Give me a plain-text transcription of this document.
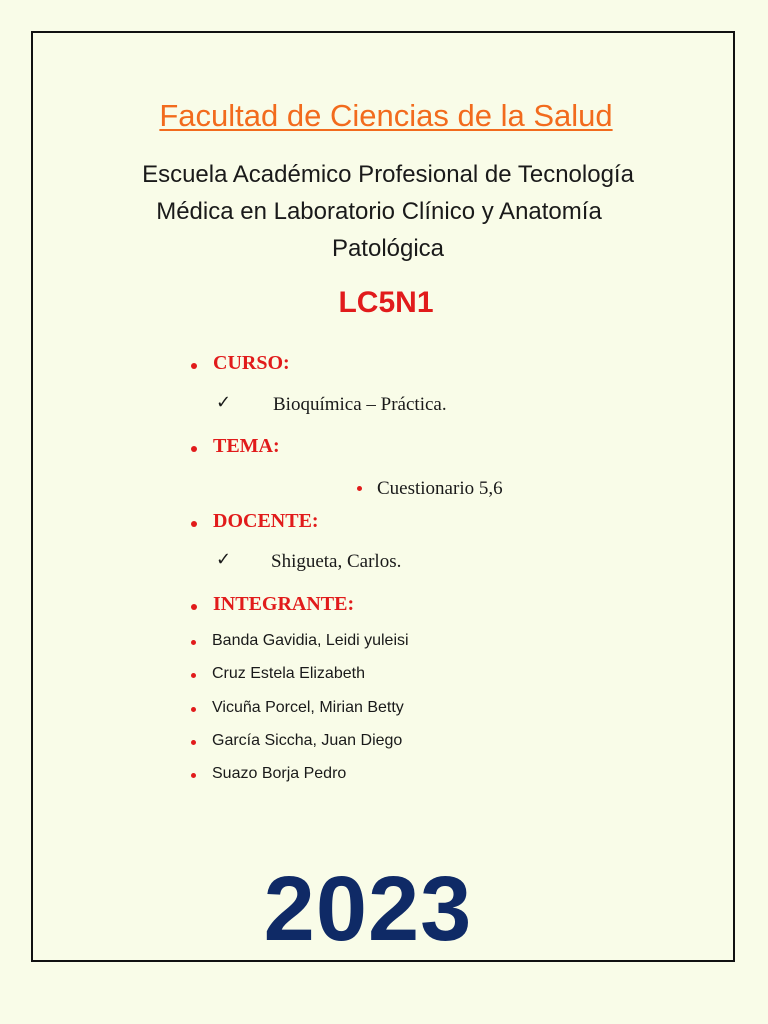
Facultad de Ciencias de la Salud
Escuela Académico Profesional de Tecnología
Médica en Laboratorio Clínico y Anatomía
Patológica
LC5N1
CURSO:
✓ Bioquímica – Práctica.
TEMA:
Cuestionario 5,6
DOCENTE:
✓ Shigueta, Carlos.
INTEGRANTE:
Banda Gavidia, Leidi yuleisi
Cruz Estela Elizabeth
Vicuña Porcel, Mirian Betty
García Siccha, Juan Diego
Suazo Borja Pedro
2023
